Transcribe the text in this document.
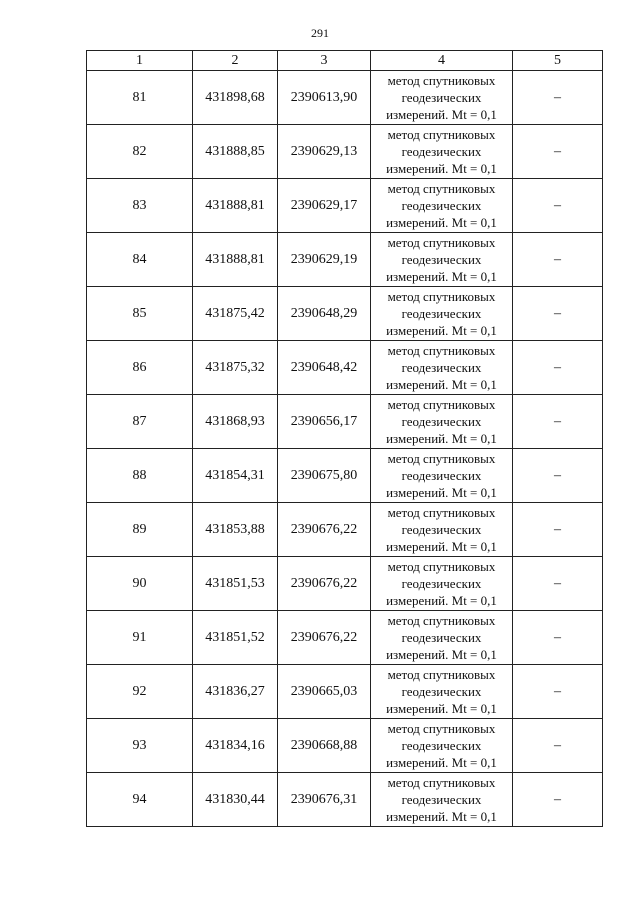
291
1	2	3	4	5
81	431898,68	2390613,90	метод спутниковых геодезических измерений. Mt = 0,1	–
82	431888,85	2390629,13	метод спутниковых геодезических измерений. Mt = 0,1	–
83	431888,81	2390629,17	метод спутниковых геодезических измерений. Mt = 0,1	–
84	431888,81	2390629,19	метод спутниковых геодезических измерений. Mt = 0,1	–
85	431875,42	2390648,29	метод спутниковых геодезических измерений. Mt = 0,1	–
86	431875,32	2390648,42	метод спутниковых геодезических измерений. Mt = 0,1	–
87	431868,93	2390656,17	метод спутниковых геодезических измерений. Mt = 0,1	–
88	431854,31	2390675,80	метод спутниковых геодезических измерений. Mt = 0,1	–
89	431853,88	2390676,22	метод спутниковых геодезических измерений. Mt = 0,1	–
90	431851,53	2390676,22	метод спутниковых геодезических измерений. Mt = 0,1	–
91	431851,52	2390676,22	метод спутниковых геодезических измерений. Mt = 0,1	–
92	431836,27	2390665,03	метод спутниковых геодезических измерений. Mt = 0,1	–
93	431834,16	2390668,88	метод спутниковых геодезических измерений. Mt = 0,1	–
94	431830,44	2390676,31	метод спутниковых геодезических измерений. Mt = 0,1	–
